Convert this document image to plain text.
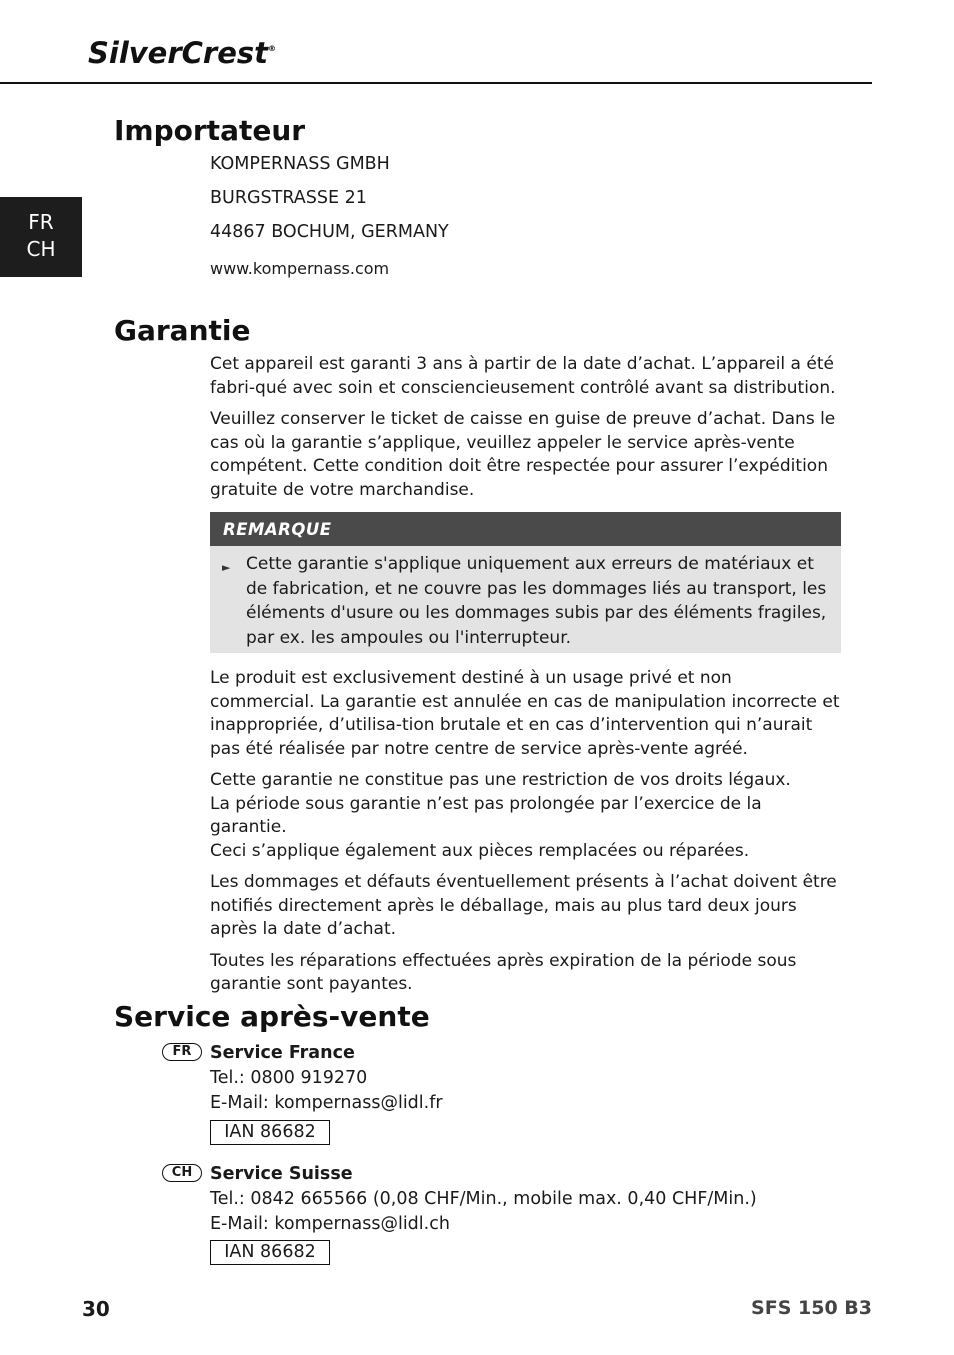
SilverCrest®
FR
CH
Importateur
KOMPERNASS GMBH
BURGSTRASSE 21
44867 BOCHUM, GERMANY
www.kompernass.com
Garantie

Cet appareil est garanti 3 ans à partir de la date d’achat. L’appareil a été fabri-qué avec soin et consciencieusement contrôlé avant sa distribution.

Veuillez conserver le ticket de caisse en guise de preuve d’achat. Dans le cas où la garantie s’applique, veuillez appeler le service après-vente compétent. Cette condition doit être respectée pour assurer l’expédition gratuite de votre marchandise.

REMARQUE
► Cette garantie s'applique uniquement aux erreurs de matériaux et de fabrication, et ne couvre pas les dommages liés au transport, les éléments d'usure ou les dommages subis par des éléments fragiles, par ex. les ampoules ou l'interrupteur.

Le produit est exclusivement destiné à un usage privé et non commercial. La garantie est annulée en cas de manipulation incorrecte et inappropriée, d’utilisa-tion brutale et en cas d’intervention qui n’aurait pas été réalisée par notre centre de service après-vente agréé.

Cette garantie ne constitue pas une restriction de vos droits légaux.

La période sous garantie n’est pas prolongée par l’exercice de la garantie.

Ceci s’applique également aux pièces remplacées ou réparées.

Les dommages et défauts éventuellement présents à l’achat doivent être notifiés directement après le déballage, mais au plus tard deux jours après la date d’achat.

Toutes les réparations effectuées après expiration de la période sous garantie sont payantes.

Service après-vente
FR	Service France
Tel.: 0800 919270
E-Mail: kompernass@lidl.fr
IAN 86682
CH	Service Suisse
Tel.: 0842 665566 (0,08 CHF/Min., mobile max. 0,40 CHF/Min.)
E-Mail: kompernass@lidl.ch
IAN 86682
30	SFS 150 B3
